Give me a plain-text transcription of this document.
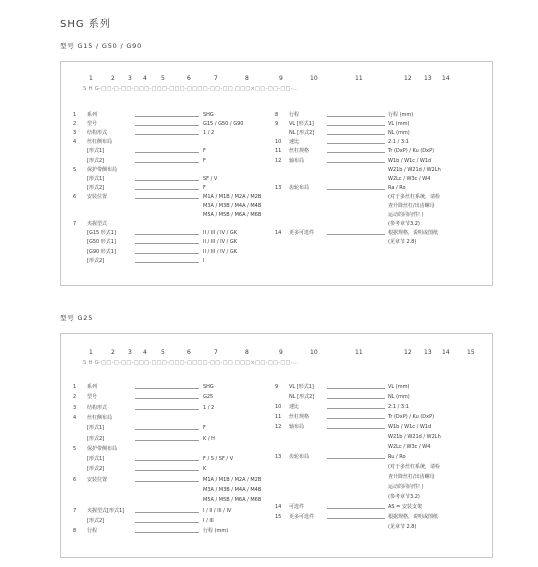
SHG 系列
型号 G15 / G50 / G90
1	2 3 4 5	6	7	8	9	10	11	12 13 14
S H G-□□-□-□□-□□□-□□□-□□□-□□□□-□□-□□ □□□×□□-□□-□□-...
1	系列	SHG
2	型号	G15 / G50 / G90
3	结构形式	1 / 2
4	丝杠侧布局
[形式1]	F
[形式2]	F
5	保护带侧布局
[形式1]	SF / V
[形式2]	F
6	安装位置	M1A / M1B / M2A / M2B
M3A / M3B / M4A / M4B
M5A / M5B / M6A / M6B
7	夹握型式
[G15 形式1]	II / III / IV / GK
[G50 形式1]	II / III / IV / GK
[G90 形式1]	II / III / IV / GK
[形式2]	I
8	行程	行程 (mm)
9	VL [形式1]	VL (mm)
NL [形式2]	NL (mm)
10	速比	2:1 / 3:1
11	丝杠规格	Tr (DxP) / Ku (DxP)
12	轴布局	W1b / W1c / W1d
W21b / W21d / W2Lh
W2Lc / W3c / W4
13	齿轮布局	Ra / Ro
(对于多丝杠系统，请检
查升降丝杠/出齿螺母
运动的同向性! )
(参考章节3.2)
14	更多可选件	根据规格，说明或图纸
(见章节 2.8)
型号 G25
1	2 3 4 5	6	7	8	9	10	11	12 13 14	15
S H G-□□-□-□□-□□□-□□□-□□□-□□□□-□□-□□ □□□×□□-□□-□□-...
1	系列	SHG
2	型号	G25
3	结构形式	1 / 2
4	丝杠侧布局
[形式1]	F
[形式2]	K / H
5	保护带侧布局
[形式1]	F / S / SF / V
[形式2]	K
6	安装位置	M1A / M1B / M2A / M2B
M3A / M3B / M4A / M4B
M5A / M5B / M6A / M6B
7	夹握型式[形式1]	I / II / III / IV
[形式2]	I / III
8	行程	行程 (mm)
9	VL [形式1]	VL (mm)
NL [形式2]	NL (mm)
10	速比	2:1 / 3:1
11	丝杠规格	Tr (DxP) / Ku (DxP)
12	轴布局	W1b / W1c / W1d
W21b / W21d / W2Lh
W2Lc / W3c / W4
13	齿轮布局	Ru / Ro
(对于多丝杠系统，请检
查升降丝杠/出齿螺母
运动的同向性! )
(参考章节3.2)
14	可选件	AS = 安装支架
15	更多可选件	根据规格，说明或图纸
(见章节 2.8)
